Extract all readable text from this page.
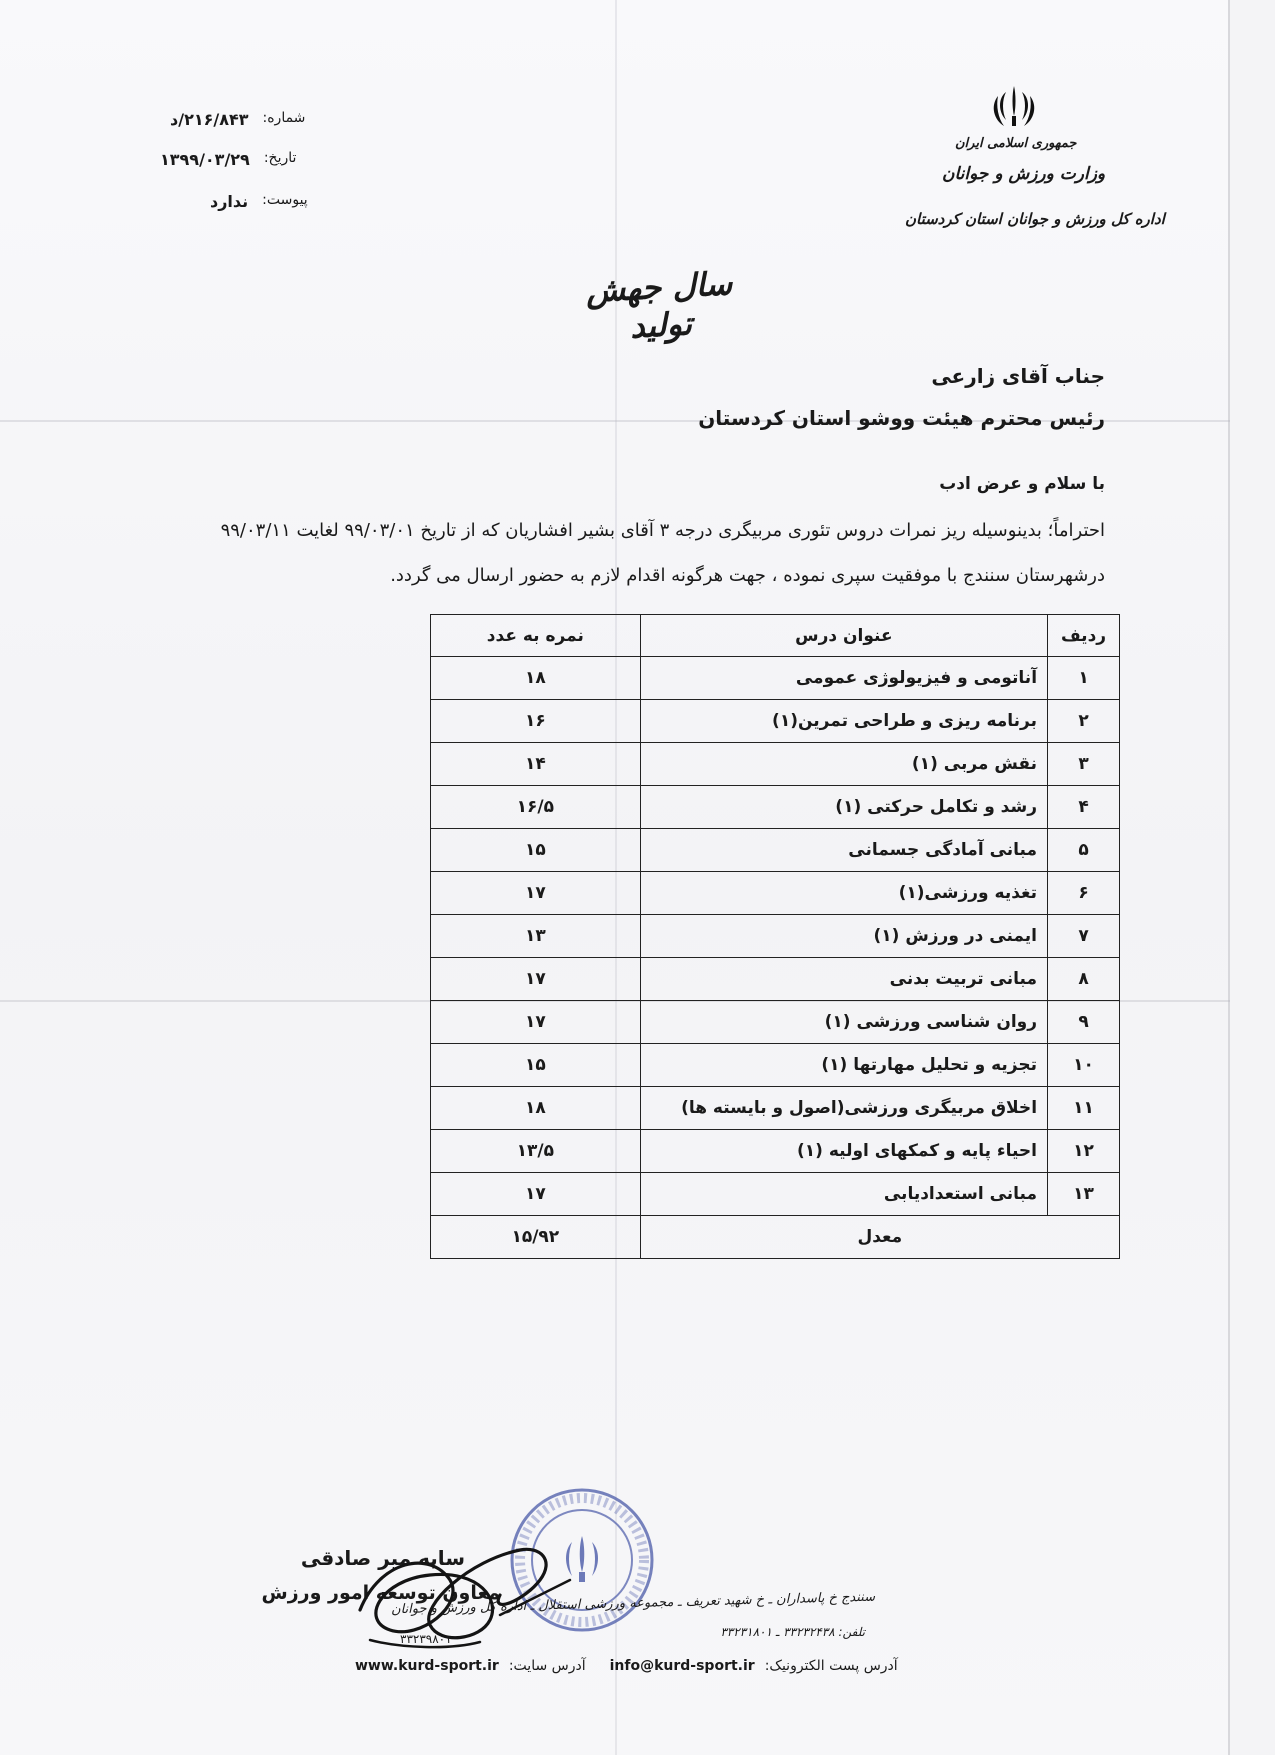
شماره:
۲۱۶/۸۴۳/د
تاریخ:
۱۳۹۹/۰۳/۲۹
پیوست:
ندارد
جمهوری اسلامی ایران
وزارت ورزش و جوانان
اداره کل ورزش و جوانان استان کردستان
سال جهش تولید
جناب آقای زارعی
رئیس محترم هیئت ووشو استان کردستان
با سلام و عرض ادب
احتراماً؛ بدینوسیله ریز نمرات دروس تئوری مربیگری درجه ۳ آقای بشیر افشاریان که از تاریخ ۹۹/۰۳/۰۱ لغایت ۹۹/۰۳/۱۱ درشهرستان سنندج با موفقیت سپری نموده ، جهت هرگونه اقدام لازم به حضور ارسال می گردد.
ردیف	عنوان درس	نمره به عدد
۱	آناتومی و فیزیولوژی عمومی	۱۸
۲	برنامه ریزی و طراحی تمرین(۱)	۱۶
۳	نقش مربی (۱)	۱۴
۴	رشد و تکامل حرکتی (۱)	۱۶/۵
۵	مبانی آمادگی جسمانی	۱۵
۶	تغذیه ورزشی(۱)	۱۷
۷	ایمنی در ورزش (۱)	۱۳
۸	مبانی تربیت بدنی	۱۷
۹	روان شناسی ورزشی (۱)	۱۷
۱۰	تجزیه و تحلیل مهارتها (۱)	۱۵
۱۱	اخلاق مربیگری ورزشی(اصول و بایسته ها)	۱۸
۱۲	احیاء پایه و کمکهای اولیه (۱)	۱۳/۵
۱۳	مبانی استعدادیابی	۱۷
معدل		۱۵/۹۲
سایه میر صادقی
معاون توسعه امور ورزش
سنندج خ پاسداران ـ خ شهید تعریف ـ مجموعه ورزشی استقلال ـ اداره کل ورزش و جوانان
تلفن: ۳۳۲۳۲۴۳۸ ـ ۳۳۲۳۱۸۰۱
۳۳۲۳۹۸۰۱
آدرس پست الکترونیک:
info@kurd-sport.ir
آدرس سایت:
www.kurd-sport.ir
